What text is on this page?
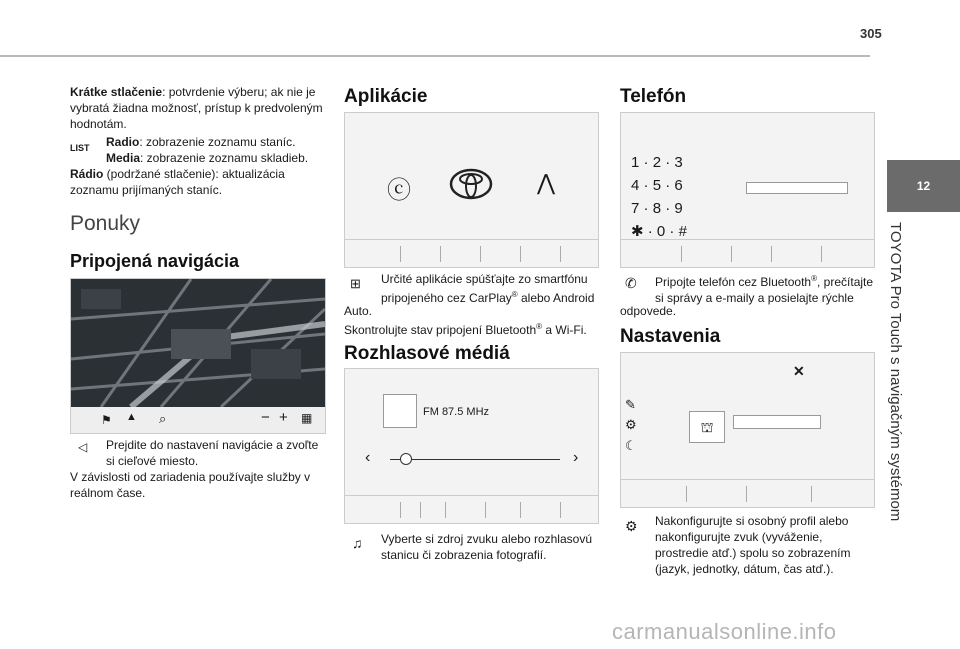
305
12
TOYOTA Pro Touch s navigačným systémom
Krátke stlačenie: potvrdenie výberu; ak nie je vybratá žiadna možnosť, prístup k predvoleným hodnotám.
LIST Radio: zobrazenie zoznamu staníc.
Media: zobrazenie zoznamu skladieb.
Rádio (podržané stlačenie): aktualizácia zoznamu prijímaných staníc.
Ponuky
Pripojená navigácia
⚑ ▲ ⌕	− + ▦
◁ Prejdite do nastavení navigácie a zvoľte si cieľové miesto.
V závislosti od zariadenia používajte služby v reálnom čase.
Aplikácie
ⓒ	⋀
⊞ Určité aplikácie spúšťajte zo smartfónu pripojeného cez CarPlay® alebo Android
Auto.
Skontrolujte stav pripojení Bluetooth® a Wi-Fi.
Rozhlasové médiá
FM 87.5 MHz
‹	›
♫ Vyberte si zdroj zvuku alebo rozhlasovú stanicu či zobrazenia fotografií.
Telefón
1 · 2 · 3
4 · 5 · 6
7 · 8 · 9
✱ · 0 · #
✆ Pripojte telefón cez Bluetooth®, prečítajte si správy a e-maily a posielajte rýchle
odpovede.
Nastavenia
✕
✎
⚙
☾
⛫
⚙ Nakonfigurujte si osobný profil alebo nakonfigurujte zvuk (vyváženie, prostredie atď.) spolu so zobrazením (jazyk, jednotky, dátum, čas atď.).
carmanualsonline.info
